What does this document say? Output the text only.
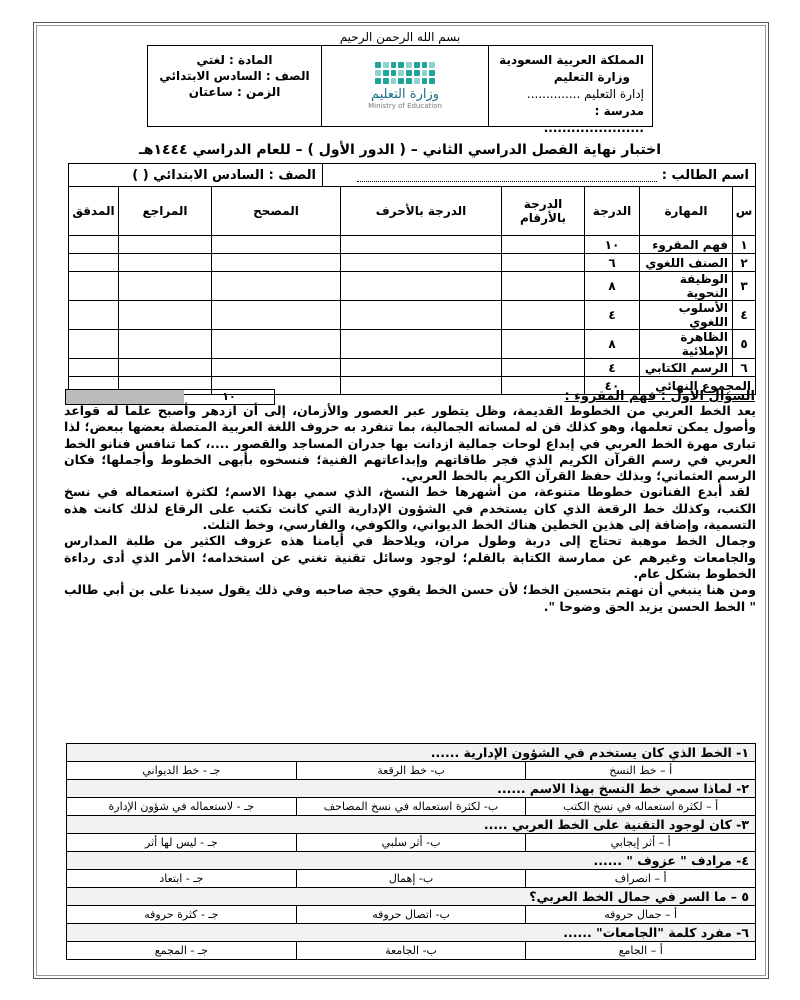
بسم الله الرحمن الرحيم
المملكة العربية السعودية
وزارة التعليم
إدارة التعليم ..............
مدرسة : ......................
وزارة التعليم
Ministry of Education
المادة : لغتي
الصف : السادس الابتدائي
الزمن : ساعتان
اختبار نهاية الفصل الدراسي الثاني – ( الدور الأول ) – للعام الدراسي ١٤٤٤هـ
اسم الطالب :	الصف : السادس الابتدائي ( )
س	المهارة	الدرجة	الدرجة بالأرقام	الدرجة بالأحرف	المصحح	المراجع	المدقق
١	فهم المقروء	١٠					
٢	الصنف اللغوي	٦					
٣	الوظيفة النحوية	٨					
٤	الأسلوب اللغوي	٤					
٥	الظاهرة الإملائية	٨					
٦	الرسم الكتابي	٤					
المجموع النهائي		٤٠					
السؤال الأول : فهم المقروء :
١٠

يعد الخط العربي من الخطوط القديمة، وظل يتطور عبر العصور والأزمان، إلى أن ازدهر وأصبح علما له قواعد وأصول يمكن تعلمها، وهو كذلك فن له لمساته الجمالية، بما تنفرد به حروف اللغة العربية المتصلة بعضها ببعض؛ لذا تبارى مهرة الخط العربي في إبداع لوحات جمالية ازدانت بها جدران المساجد والقصور ....، كما تنافس فنانو الخط العربي في رسم القرآن الكريم الذي فجر طاقاتهم وإبداعاتهم الفنية؛ فنسخوه بأبهى الخطوط وأجملها؛ فكان الرسم العثماني؛ وبذلك حفظ القرآن الكريم بالخط العربي.

لقد أبدع الفنانون خطوطا متنوعة، من أشهرها خط النسخ، الذي سمي بهذا الاسم؛ لكثرة استعماله في نسخ الكتب، وكذلك خط الرقعة الذي كان يستخدم في الشؤون الإدارية التي كانت تكتب على الرقاع لذلك كانت هذه التسمية، وإضافة إلى هذين الخطين هناك الخط الديواني، والكوفي، والفارسي، وخط الثلث.

وجمال الخط موهبة تحتاج إلى دربة وطول مران، ويلاحظ في أيامنا هذه عزوف الكثير من طلبة المدارس والجامعات وغيرهم عن ممارسة الكتابة بالقلم؛ لوجود وسائل تقنية تغني عن استخدامه؛ الأمر الذي أدى رداءة الخطوط بشكل عام.

ومن هنا ينبغي أن نهتم بتحسين الخط؛ لأن حسن الخط يقوي حجة صاحبه وفي ذلك يقول سيدنا على بن أبي طالب " الخط الحسن يزيد الحق وضوحا ".

١- الخط الذي كان يستخدم في الشؤون الإدارية ......		
أ – خط النسخ	ب- خط الرقعة	جـ - خط الديواني
٢- لماذا سمي خط النسخ بهذا الاسم ......		
أ – لكثرة استعماله في نسخ الكتب	ب- لكثرة استعماله في نسخ المصاحف	جـ - لاستعماله في شؤون الإدارة
٣- كان لوجود التقنية على الخط العربي .....		
أ – أثر إيجابي	ب- أثر سلبي	جـ - ليس لها أثر
٤- مرادف " عزوف " ......		
أ – انصراف	ب- إهمال	جـ - ابتعاد
٥ – ما السر في جمال الخط العربي؟		
أ – جمال حروفه	ب- اتصال حروفه	جـ - كثرة حروفه
٦- مفرد كلمة "الجامعات" ......		
أ – الجامع	ب- الجامعة	جـ - المجمع
